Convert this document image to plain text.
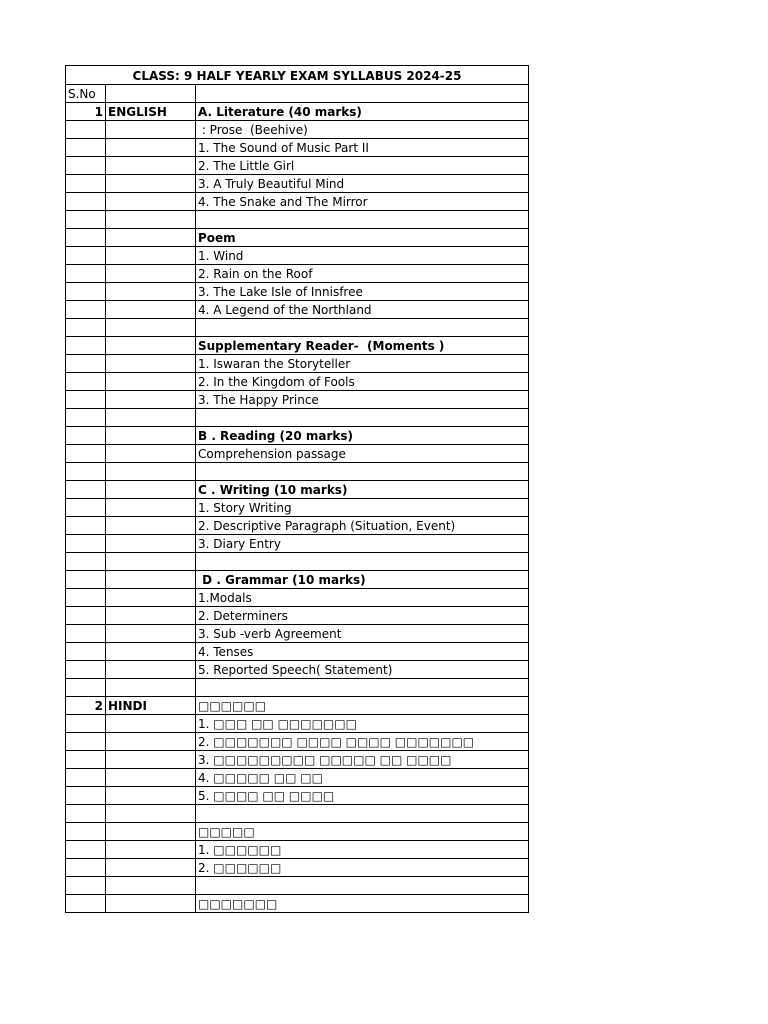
CLASS: 9 HALF YEARLY EXAM SYLLABUS 2024-25		
S.No		
1	ENGLISH	A. Literature (40 marks)
		: Prose  (Beehive)
		1. The Sound of Music Part II
		2. The Little Girl
		3. A Truly Beautiful Mind
		4. The Snake and The Mirror

		Poem
		1. Wind
		2. Rain on the Roof
		3. The Lake Isle of Innisfree
		4. A Legend of the Northland

		Supplementary Reader-  (Moments )
		1. Iswaran the Storyteller
		2. In the Kingdom of Fools
		3. The Happy Prince

		B . Reading (20 marks)
		Comprehension passage

		C . Writing (10 marks)
		1. Story Writing
		2. Descriptive Paragraph (Situation, Event)
		3. Diary Entry

		D . Grammar (10 marks)
		1.Modals
		2. Determiners
		3. Sub -verb Agreement
		4. Tenses
		5. Reported Speech( Statement)

2	HINDI	□□□□□□
		1. □□□ □□ □□□□□□□
		2. □□□□□□□ □□□□ □□□□ □□□□□□□
		3. □□□□□□□□□ □□□□□ □□ □□□□
		4. □□□□□ □□ □□
		5. □□□□ □□ □□□□

		□□□□□
		1. □□□□□□
		2. □□□□□□

		□□□□□□□
